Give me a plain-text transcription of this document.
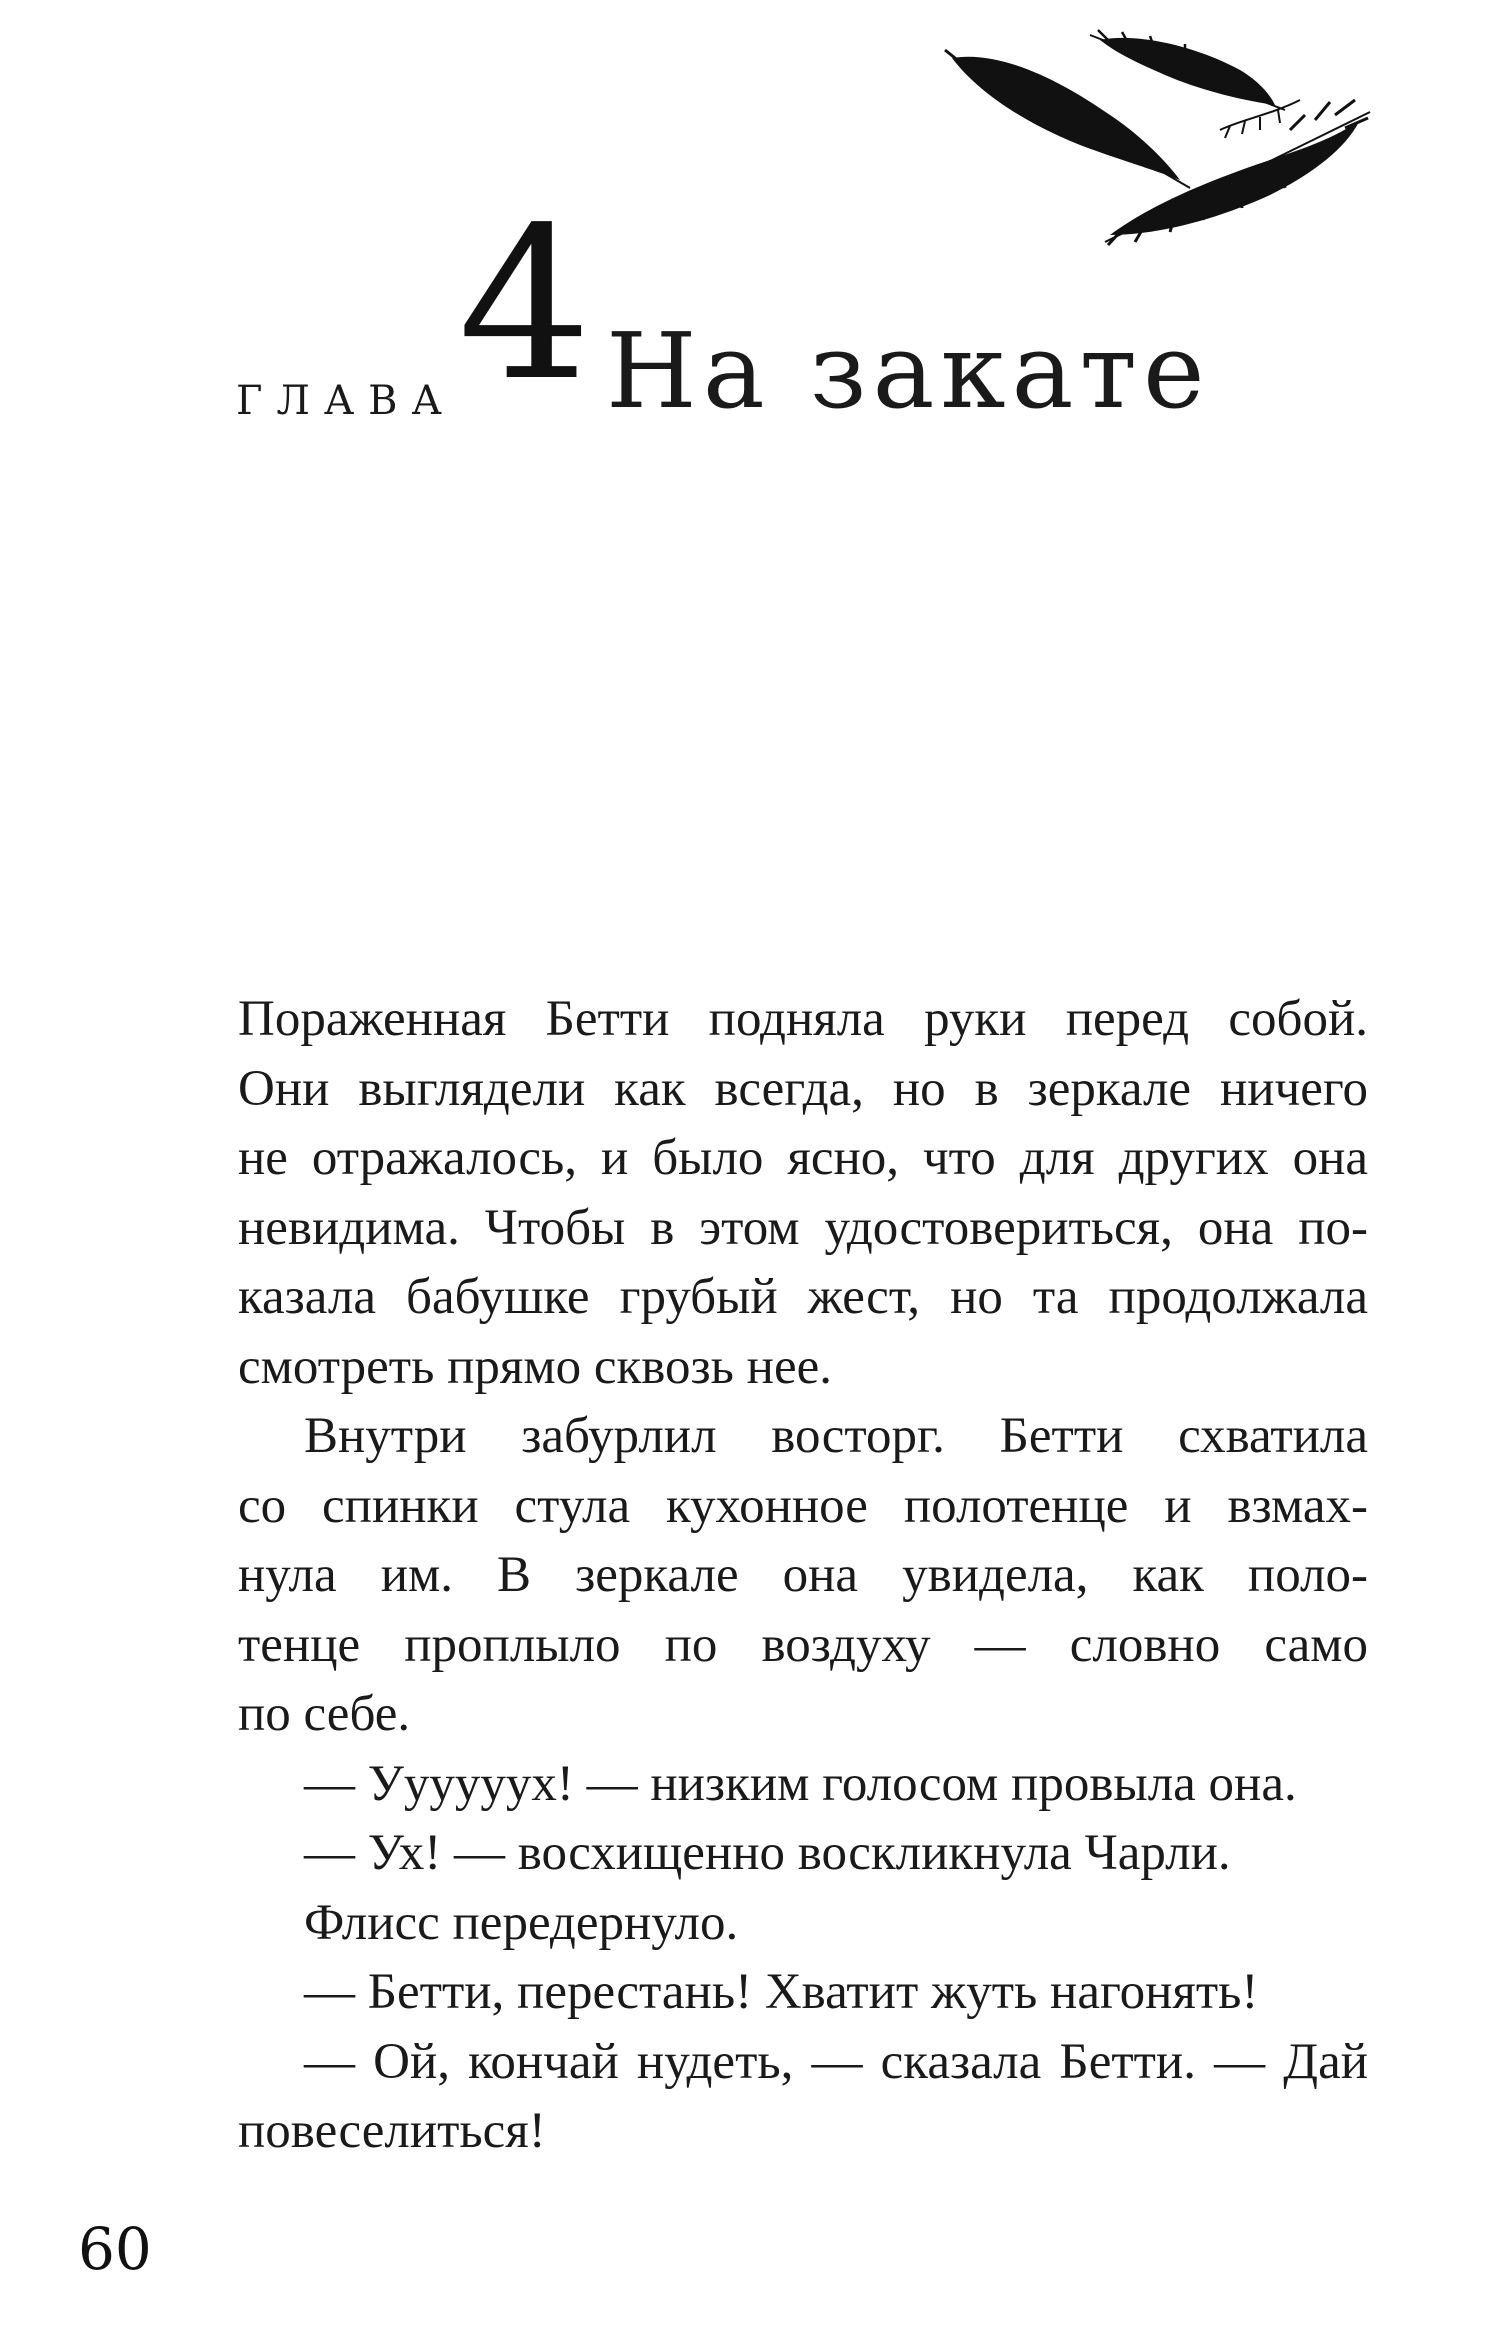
ГЛАВА 4 На закате
Пораженная Бетти подняла руки перед собой.
Они выглядели как всегда, но в зеркале ничего
не отражалось, и было ясно, что для других она
невидима. Чтобы в этом удостовериться, она по-
казала бабушке грубый жест, но та продолжала
смотреть прямо сквозь нее.
Внутри забурлил восторг. Бетти схватила
со спинки стула кухонное полотенце и взмах-
нула им. В зеркале она увидела, как поло-
тенце проплыло по воздуху — словно само
по себе.
— Уууууух! — низким голосом провыла она.
— Ух! — восхищенно воскликнула Чарли.
Флисс передернуло.
— Бетти, перестань! Хватит жуть нагонять!
— Ой, кончай нудеть, — сказала Бетти. — Дай
повеселиться!
60
